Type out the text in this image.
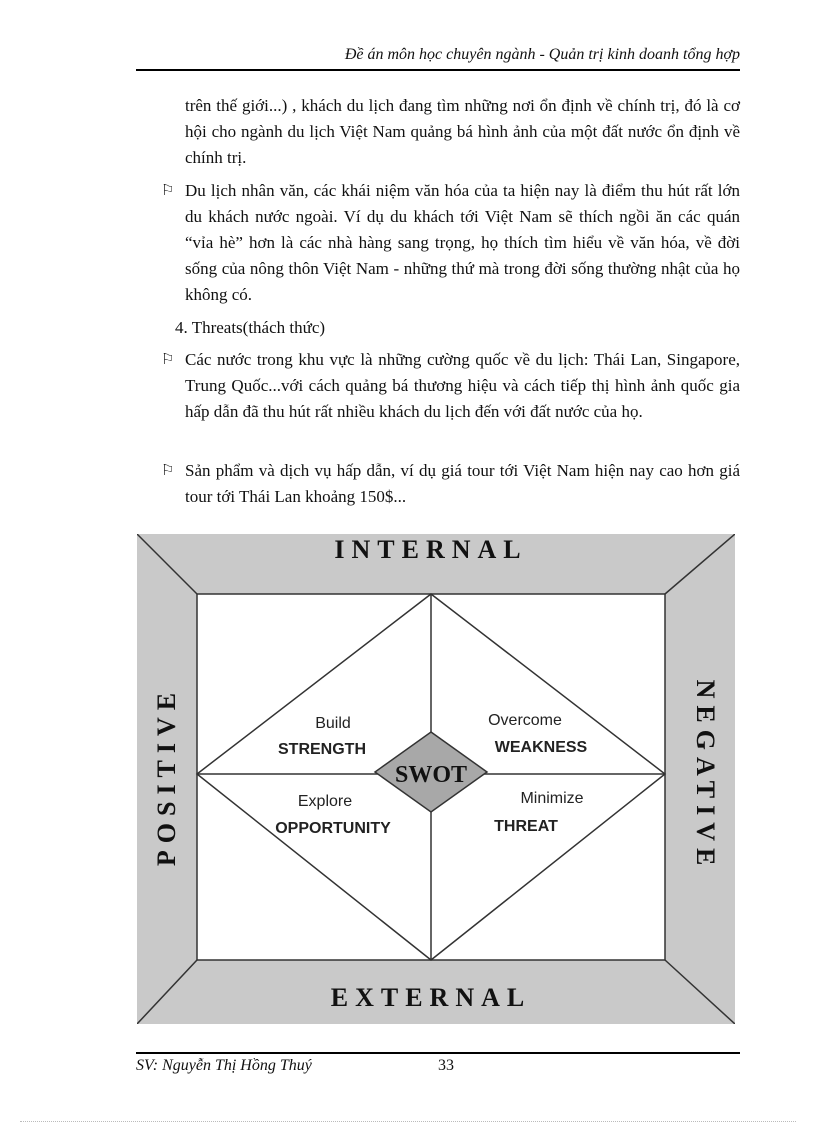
Đề án môn học chuyên ngành - Quản trị kinh doanh tổng hợp

trên thế giới...) , khách du lịch đang tìm những nơi ổn định về chính trị, đó là cơ hội cho ngành du lịch Việt Nam quảng bá hình ảnh của một đất nước ổn định về chính trị.

⚐ Du lịch nhân văn, các khái niệm văn hóa của ta hiện nay là điểm thu hút rất lớn du khách nước ngoài. Ví dụ du khách tới Việt Nam sẽ thích ngồi ăn các quán “vỉa hè” hơn là các nhà hàng sang trọng, họ thích tìm hiểu về văn hóa, về đời sống của nông thôn Việt Nam - những thứ mà trong đời sống thường nhật của họ không có.

4. Threats(thách thức)
⚐ Các nước trong khu vực là những cường quốc về du lịch: Thái Lan, Singapore, Trung Quốc...với cách quảng bá thương hiệu và cách tiếp thị hình ảnh quốc gia hấp dẫn đã thu hút rất nhiều khách du lịch đến với đất nước của họ.

⚐ Sản phẩm và dịch vụ hấp dẫn, ví dụ giá tour tới Việt Nam hiện nay cao hơn giá tour tới Thái Lan khoảng 150$...

INTERNAL
EXTERNAL
POSITIVE	NEGATIVE
SWOT
Build
STRENGTH
Overcome
WEAKNESS
Explore
OPPORTUNITY
Minimize
THREAT
SV: Nguyễn Thị Hồng Thuý	33
